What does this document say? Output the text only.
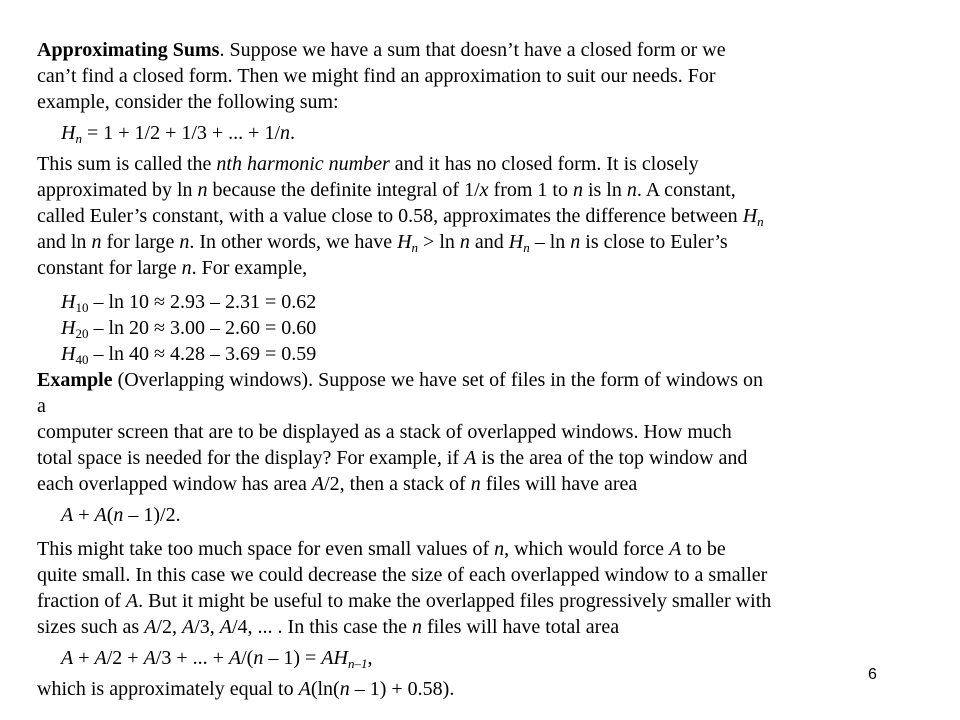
Approximating Sums. Suppose we have a sum that doesn’t have a closed form or we
can’t find a closed form. Then we might find an approximation to suit our needs. For
example, consider the following sum:

$H_n = 1 + 1/2 + 1/3$ + ... + 1/n.

This sum is called the nth harmonic number and it has no closed form. It is closely
approximated by ln n because the definite integral of 1/x from 1 to n is ln n. A constant,
called Euler’s constant, with a value close to 0.58, approximates the difference between $H_n$
and ln n for large n. In other words, we have $H_n > \ln n$ and $H_n$ – ln n is close to Euler’s
constant for large n. For example,

$H_{10} - \ln 10 \approx 2.93 - 2.31 = 0.62$

$H_{20} - \ln 20 \approx 3.00 - 2.60 = 0.60$

$H_{40} - \ln 40 \approx 4.28 - 3.69 = 0.59$

Example (Overlapping windows). Suppose we have set of files in the form of windows on
a
computer screen that are to be displayed as a stack of overlapped windows. How much
total space is needed for the display? For example, if A is the area of the top window and
each overlapped window has area A/2, then a stack of n files will have area

A + A(n – 1)/2.

This might take too much space for even small values of n, which would force A to be
quite small. In this case we could decrease the size of each overlapped window to a smaller
fraction of A. But it might be useful to make the overlapped files progressively smaller with
sizes such as A/2, A/3, A/4, ... . In this case the n files will have total area

A + A/2 + A/3 + ... + $A/(n - 1) = AH_{n-1}$,

which is approximately equal to A(ln(n – 1) + 0.58).

6
